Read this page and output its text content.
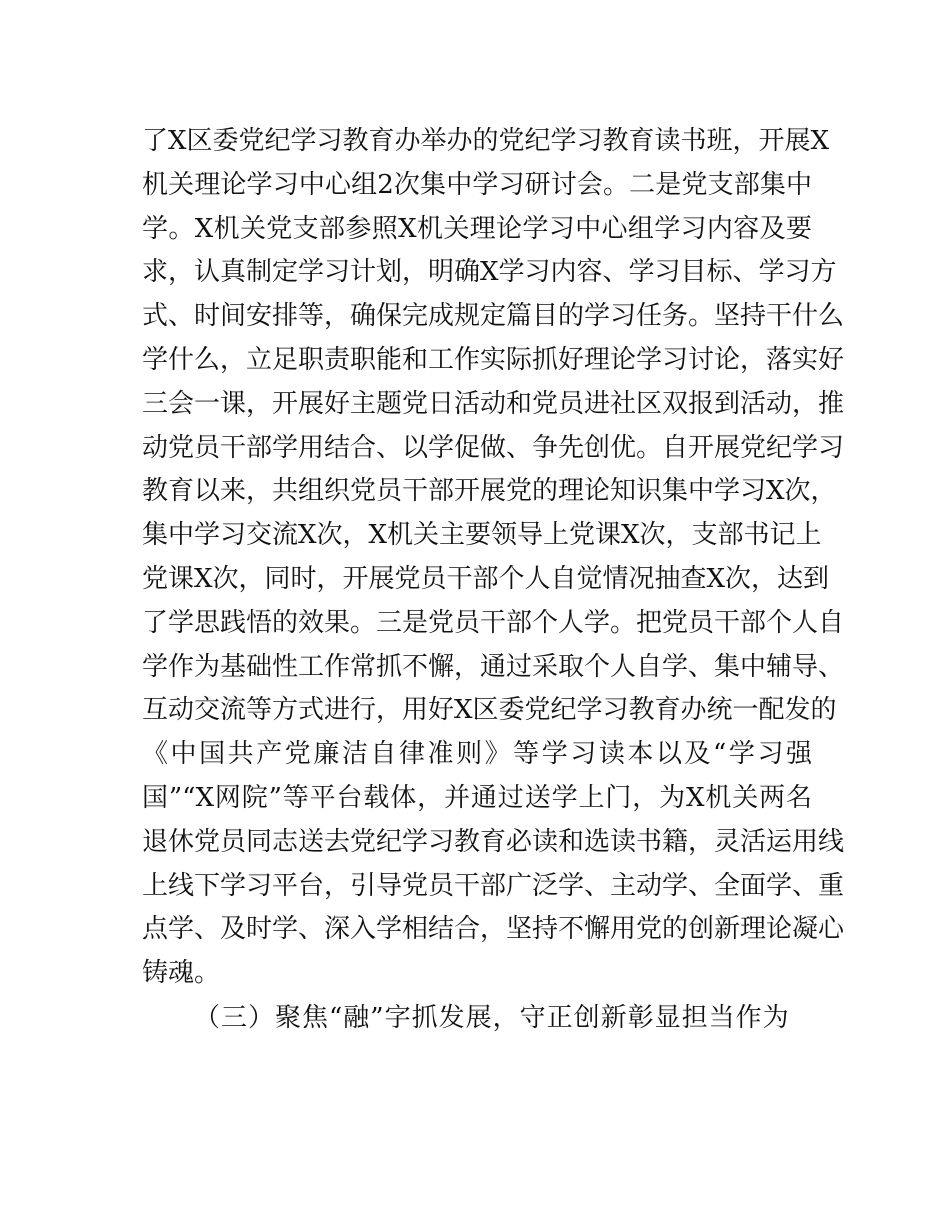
了X区委党纪学习教育办举办的党纪学习教育读书班，开展X
机关理论学习中心组2次集中学习研讨会。二是党支部集中
学。X机关党支部参照X机关理论学习中心组学习内容及要
求，认真制定学习计划，明确X学习内容、学习目标、学习方
式、时间安排等，确保完成规定篇目的学习任务。坚持干什么
学什么，立足职责职能和工作实际抓好理论学习讨论，落实好
三会一课，开展好主题党日活动和党员进社区双报到活动，推
动党员干部学用结合、以学促做、争先创优。自开展党纪学习
教育以来，共组织党员干部开展党的理论知识集中学习X次，
集中学习交流X次，X机关主要领导上党课X次，支部书记上
党课X次，同时，开展党员干部个人自觉情况抽查X次，达到
了学思践悟的效果。三是党员干部个人学。把党员干部个人自
学作为基础性工作常抓不懈，通过采取个人自学、集中辅导、
互动交流等方式进行，用好X区委党纪学习教育办统一配发的
《中国共产党廉洁自律准则》等学习读本以及“学习强
国”“X网院”等平台载体，并通过送学上门，为X机关两名
退休党员同志送去党纪学习教育必读和选读书籍，灵活运用线
上线下学习平台，引导党员干部广泛学、主动学、全面学、重
点学、及时学、深入学相结合，坚持不懈用党的创新理论凝心
铸魂。
（三）聚焦“融”字抓发展，守正创新彰显担当作为
